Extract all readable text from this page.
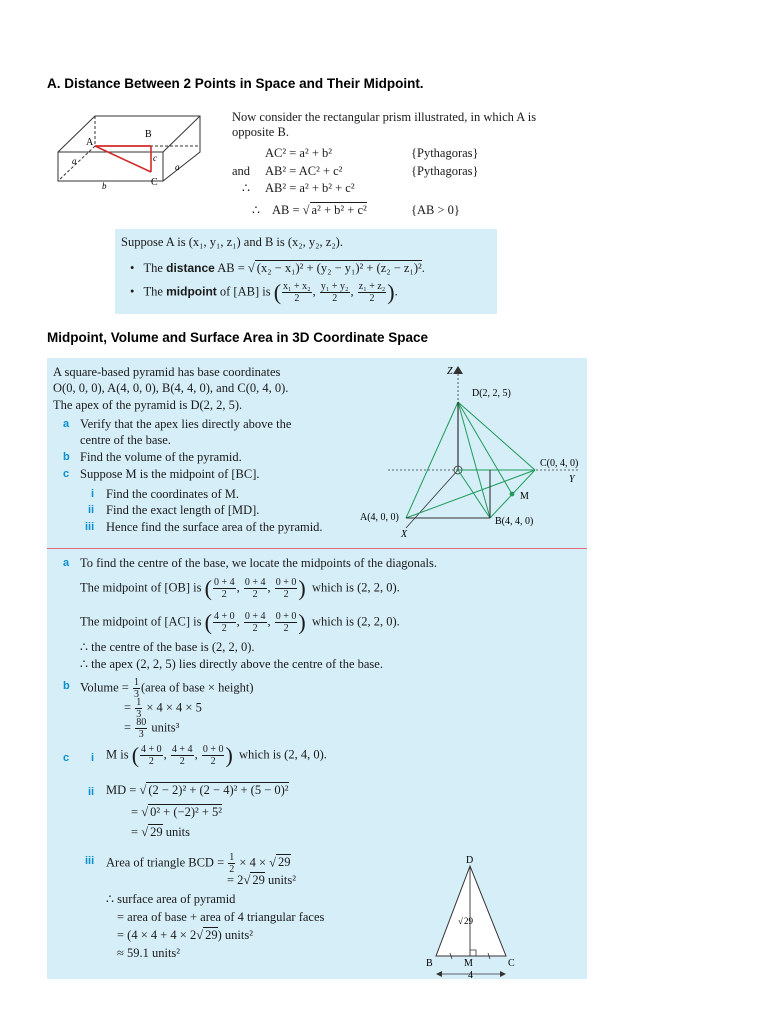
A. Distance Between 2 Points in Space and Their Midpoint.
A
B
C
a
a
b
c
Now consider the rectangular prism illustrated, in which A is
opposite B.
AC² = a² + b²	{Pythagoras}
and AB² = AC² + c²	{Pythagoras}
∴ AB² = a² + b² + c²
∴ AB = √ a² + b² + c²	{AB > 0}
Suppose A is (x₁, y₁, z₁) and B is (x₂, y₂, z₂).
• The distance AB = √ (x₂ − x₁)² + (y₂ − y₁)² + (z₂ − z₁)².
• The midpoint of [AB] is ( $\frac{\text{x₁ + x₂}}{2}$ , $\frac{\text{y₁ + y₂}}{2}$ , $\frac{\text{z₁ + z₂}}{2}$ ).
Midpoint, Volume and Surface Area in 3D Coordinate Space
A square-based pyramid has base coordinates
O(0, 0, 0), A(4, 0, 0), B(4, 4, 0), and C(0, 4, 0).
The apex of the pyramid is D(2, 2, 5).
a Verify that the apex lies directly above the
centre of the base.
b Find the volume of the pyramid.
c Suppose M is the midpoint of [BC].
i Find the coordinates of M.
ii Find the exact length of [MD].
iii Hence find the surface area of the pyramid.
Z
Y
X
D(2, 2, 5)
C(0, 4, 0)
M
A(4, 0, 0)	B(4, 4, 0)
a To find the centre of the base, we locate the midpoints of the diagonals.
The midpoint of [OB] is ( $\frac{0 + 4}{2}$ , $\frac{0 + 4}{2}$ , $\frac{0 + 0}{2}$ ) which is (2, 2, 0).
The midpoint of [AC] is ( $\frac{4 + 0}{2}$ , $\frac{0 + 4}{2}$ , $\frac{0 + 0}{2}$ ) which is (2, 2, 0).
∴ the centre of the base is (2, 2, 0).
∴ the apex (2, 2, 5) lies directly above the centre of the base.
b Volume = $\frac{1}{3}$ (area of base × height)
= $\frac{1}{3} \times 4 \times 4 \times 5$
= $\frac{80}{3}$ units³
c i M is ( $\frac{4 + 0}{2}$ , $\frac{4 + 4}{2}$ , $\frac{0 + 0}{2}$ ) which is (2, 4, 0).
ii MD = √ (2 − 2)² + (2 − 4)² + (5 − 0)²
= √ 0² + (−2)² + 5²
= √ 29 units
iii Area of triangle BCD = $\frac{1}{2} \times 4$ × √ 29
= 2√ 29 units²
∴ surface area of pyramid
= area of base + area of 4 triangular faces
= (4 × 4 + 4 × 2√ 29) units²
≈ 59.1 units²
D
B	M	C
√ 29
4
